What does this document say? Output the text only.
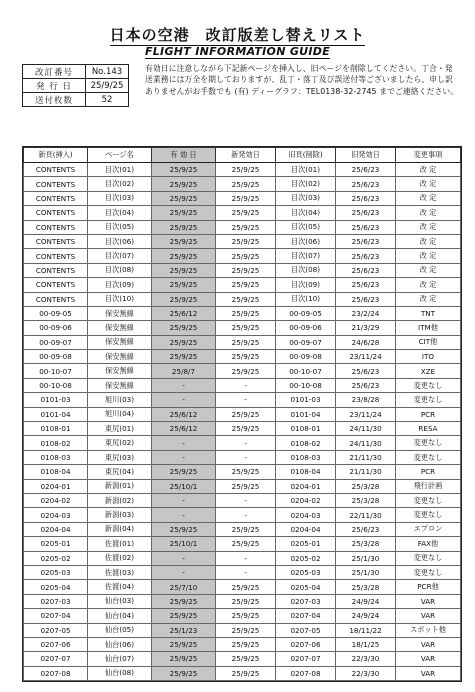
日本の空港　改訂版差し替えリスト
FLIGHT INFORMATION GUIDE
改訂番号	No.143
発 行 日	25/9/25
送付枚数	52
有効日に注意しながら下記新ページを挿入し、旧ページを削除してください。丁合・発送業務には万全を期しておりますが、乱丁・落丁及び誤送付等ございましたら、申し訳ありませんがお手数でも (有) ディーグラフ：TEL0138-32-2745 までご連絡ください。
新頁(挿入)	ページ名	有 効 日	新発効日	旧頁(削除)	旧発効日	変更事項
CONTENTS	目次(01)	25/9/25	25/9/25	目次(01)	25/6/23	改 定
CONTENTS	目次(02)	25/9/25	25/9/25	目次(02)	25/6/23	改 定
CONTENTS	目次(03)	25/9/25	25/9/25	目次(03)	25/6/23	改 定
CONTENTS	目次(04)	25/9/25	25/9/25	目次(04)	25/6/23	改 定
CONTENTS	目次(05)	25/9/25	25/9/25	目次(05)	25/6/23	改 定
CONTENTS	目次(06)	25/9/25	25/9/25	目次(06)	25/6/23	改 定
CONTENTS	目次(07)	25/9/25	25/9/25	目次(07)	25/6/23	改 定
CONTENTS	目次(08)	25/9/25	25/9/25	目次(08)	25/6/23	改 定
CONTENTS	目次(09)	25/9/25	25/9/25	目次(09)	25/6/23	改 定
CONTENTS	目次(10)	25/9/25	25/9/25	目次(10)	25/6/23	改 定
00-09-05	保安無線	25/6/12	25/9/25	00-09-05	23/2/24	TNT
00-09-06	保安無線	25/9/25	25/9/25	00-09-06	21/3/29	ITM他
00-09-07	保安無線	25/9/25	25/9/25	00-09-07	24/6/28	CIT他
00-09-08	保安無線	25/9/25	25/9/25	00-09-08	23/11/24	ITO
00-10-07	保安無線	25/8/7	25/9/25	00-10-07	25/6/23	XZE
00-10-08	保安無線	-	-	00-10-08	25/6/23	変更なし
0101-03	旭川(03)	-	-	0101-03	23/8/28	変更なし
0101-04	旭川(04)	25/6/12	25/9/25	0101-04	23/11/24	PCR
0108-01	東尻(01)	25/6/12	25/9/25	0108-01	24/11/30	RESA
0108-02	東尻(02)	-	-	0108-02	24/11/30	変更なし
0108-03	東尻(03)	-	-	0108-03	21/11/30	変更なし
0108-04	東尻(04)	25/9/25	25/9/25	0108-04	21/11/30	PCR
0204-01	新潟(01)	25/10/1	25/9/25	0204-01	25/3/28	飛行計画
0204-02	新潟(02)	-	-	0204-02	25/3/28	変更なし
0204-03	新潟(03)	-	-	0204-03	22/11/30	変更なし
0204-04	新潟(04)	25/9/25	25/9/25	0204-04	25/6/23	エプロン
0205-01	佐渡(01)	25/10/1	25/9/25	0205-01	25/3/28	FAX他
0205-02	佐渡(02)	-	-	0205-02	25/1/30	変更なし
0205-03	佐渡(03)	-	-	0205-03	25/1/30	変更なし
0205-04	佐渡(04)	25/7/10	25/9/25	0205-04	25/3/28	PCR他
0207-03	仙台(03)	25/9/25	25/9/25	0207-03	24/9/24	VAR
0207-04	仙台(04)	25/9/25	25/9/25	0207-04	24/9/24	VAR
0207-05	仙台(05)	25/1/23	25/9/25	0207-05	18/11/22	スポット他
0207-06	仙台(06)	25/9/25	25/9/25	0207-06	18/1/25	VAR
0207-07	仙台(07)	25/9/25	25/9/25	0207-07	22/3/30	VAR
0207-08	仙台(08)	25/9/25	25/9/25	0207-08	22/3/30	VAR
